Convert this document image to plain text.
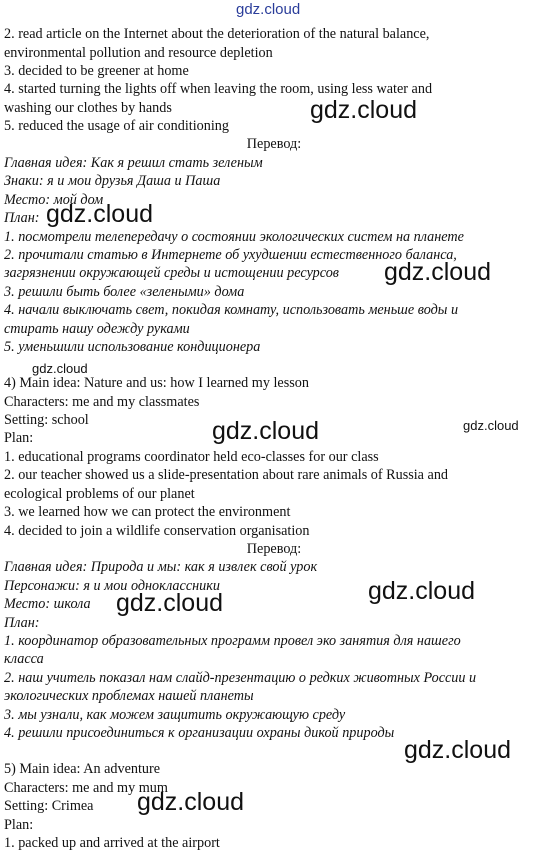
gdz.cloud
2. read article on the Internet about the deterioration of the natural balance,
environmental pollution and resource depletion
3. decided to be greener at home
4. started turning the lights off when leaving the room, using less water and
washing our clothes by hands
5. reduced the usage of air conditioning
Перевод:
Главная идея: Как я решил стать зеленым
Знаки: я и мои друзья Даша и Паша
Место: мой дом
План:
1. посмотрели телепередачу о состоянии экологических систем на планете
2. прочитали статью в Интернете об ухудшении естественного баланса,
загрязнении окружающей среды и истощении ресурсов
3. решили быть более «зелеными» дома
4. начали выключать свет, покидая комнату, использовать меньше воды и
стирать нашу одежду руками
5. уменьшили использование кондиционера
4) Main idea: Nature and us: how I learned my lesson
Characters: me and my classmates
Setting: school
Plan:
1. educational programs coordinator held eco-classes for our class
2. our teacher showed us a slide-presentation about rare animals of Russia and
ecological problems of our planet
3. we learned how we can protect the environment
4. decided to join a wildlife conservation organisation
Перевод:
Главная идея: Природа и мы: как я извлек свой урок
Персонажи: я и мои одноклассники
Место: школа
План:
1. координатор образовательных программ провел эко занятия для нашего
класса
2. наш учитель показал нам слайд-презентацию о редких животных России и
экологических проблемах нашей планеты
3. мы узнали, как можем защитить окружающую среду
4. решили присоединиться к организации охраны дикой природы
5) Main idea: An adventure
Characters: me and my mum
Setting: Crimea
Plan:
1. packed up and arrived at the airport
gdz.cloud
gdz.cloud
gdz.cloud
gdz.cloud
gdz.cloud	gdz.cloud
gdz.cloud
gdz.cloud
gdz.cloud
gdz.cloud
